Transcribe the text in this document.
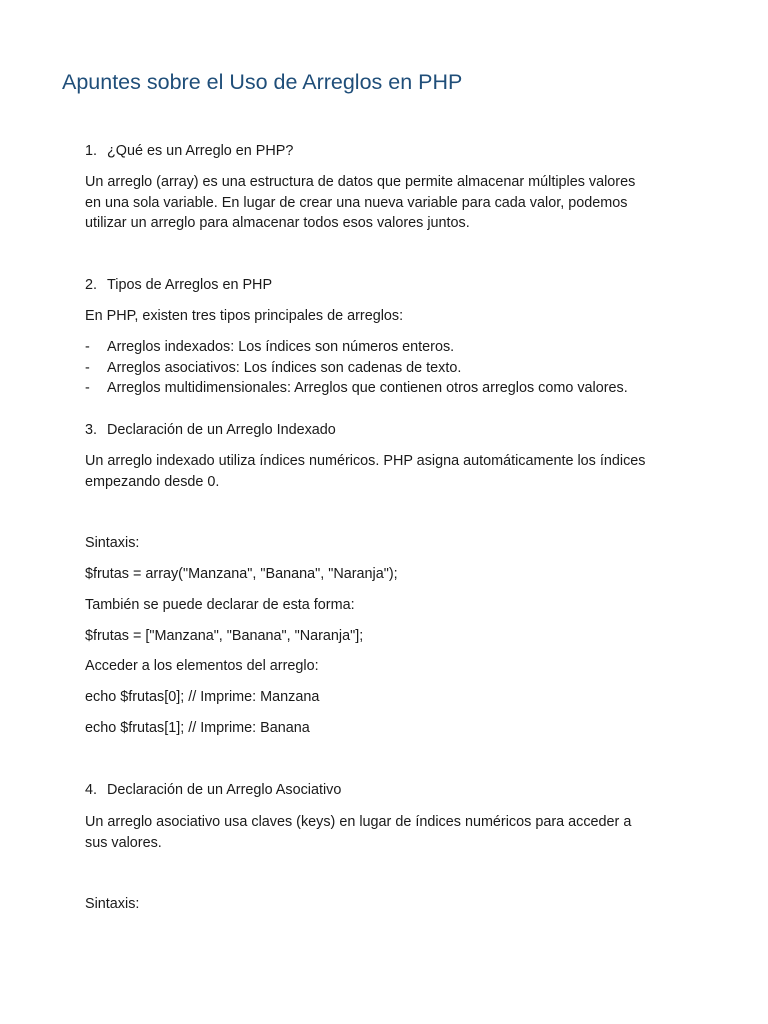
Apuntes sobre el Uso de Arreglos en PHP
1. ¿Qué es un Arreglo en PHP?
Un arreglo (array) es una estructura de datos que permite almacenar múltiples valores
en una sola variable. En lugar de crear una nueva variable para cada valor, podemos
utilizar un arreglo para almacenar todos esos valores juntos.
2. Tipos de Arreglos en PHP
En PHP, existen tres tipos principales de arreglos:
- Arreglos indexados: Los índices son números enteros.
- Arreglos asociativos: Los índices son cadenas de texto.
- Arreglos multidimensionales: Arreglos que contienen otros arreglos como valores.
3. Declaración de un Arreglo Indexado
Un arreglo indexado utiliza índices numéricos. PHP asigna automáticamente los índices
empezando desde 0.
Sintaxis:
$frutas = array("Manzana", "Banana", "Naranja");
También se puede declarar de esta forma:
$frutas = ["Manzana", "Banana", "Naranja"];
Acceder a los elementos del arreglo:
echo $frutas[0]; // Imprime: Manzana
echo $frutas[1]; // Imprime: Banana
4. Declaración de un Arreglo Asociativo
Un arreglo asociativo usa claves (keys) en lugar de índices numéricos para acceder a
sus valores.
Sintaxis:
